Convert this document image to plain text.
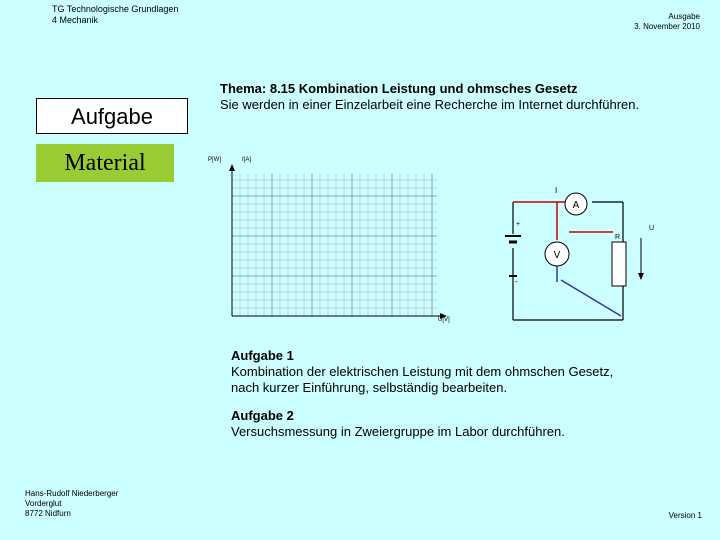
TG Technologische Grundlagen
4 Mechanik	Ausgabe
3. November 2010
Aufgabe
Material
Thema: 8.15 Kombination Leistung und ohmsches Gesetz
Sie werden in einer Einzelarbeit eine Recherche im Internet durchführen.
P[W]	I[A]
U[V]
+
-
A
I
V
R
U
Aufgabe 1
Kombination der elektrischen Leistung mit dem ohmschen Gesetz,
nach kurzer Einführung, selbständig bearbeiten.
Aufgabe 2
Versuchsmessung in Zweiergruppe im Labor durchführen.
Hans-Rudolf Niederberger
Vorderglut
8772 Nidfurn	Version 1
